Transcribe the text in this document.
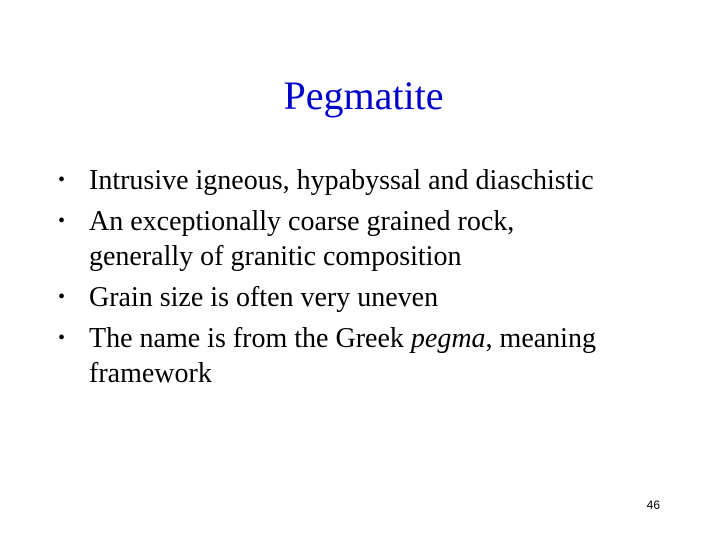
Pegmatite
• Intrusive igneous, hypabyssal and diaschistic
• An exceptionally coarse grained rock, generally of granitic composition
• Grain size is often very uneven
• The name is from the Greek pegma, meaning framework
46
